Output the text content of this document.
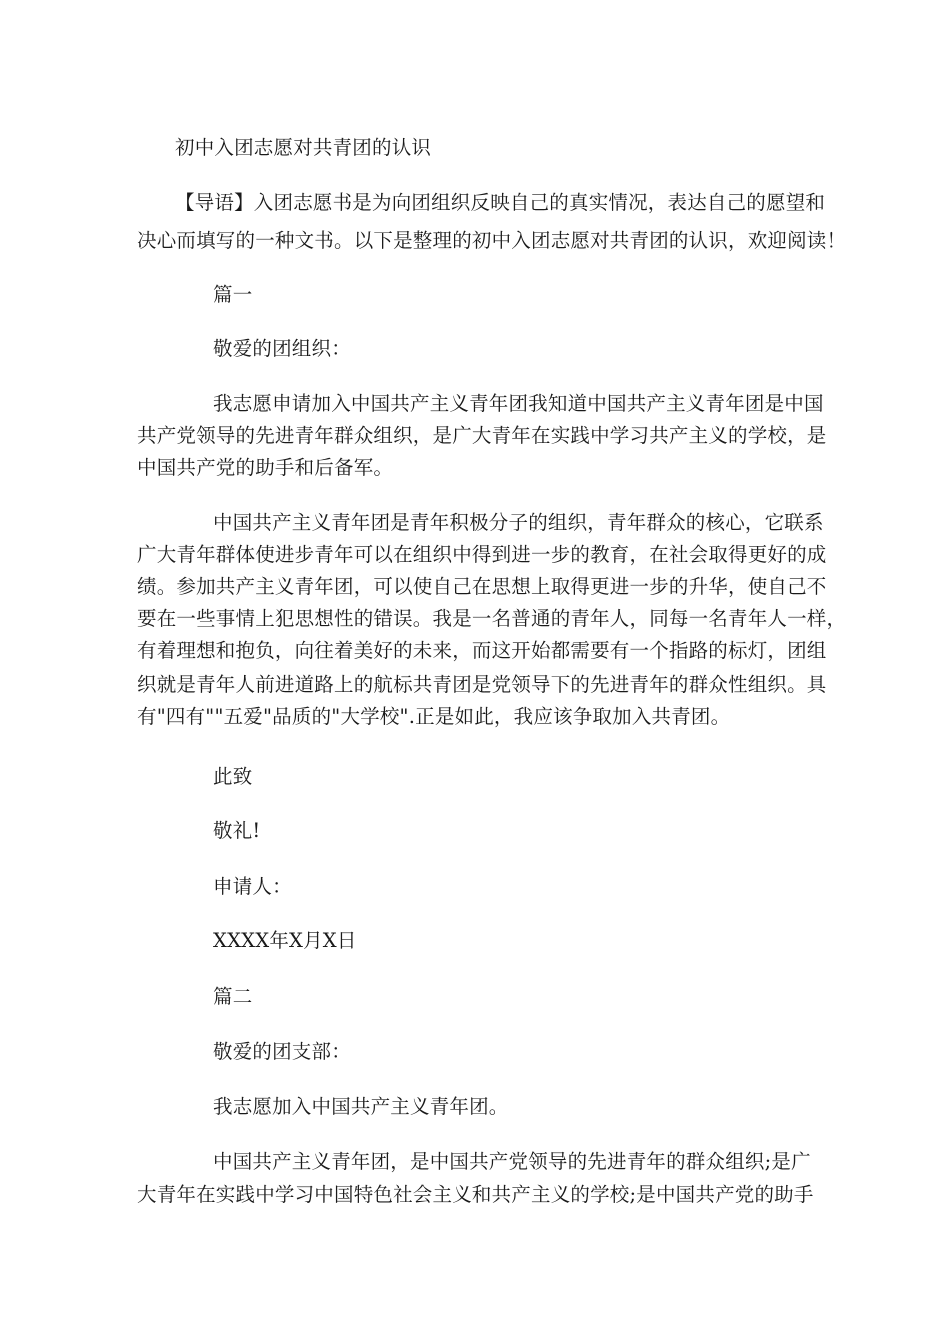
初中入团志愿对共青团的认识
【导语】入团志愿书是为向团组织反映自己的真实情况，表达自己的愿望和
决心而填写的一种文书。以下是整理的初中入团志愿对共青团的认识，欢迎阅读！
篇一
敬爱的团组织：
我志愿申请加入中国共产主义青年团我知道中国共产主义青年团是中国
共产党领导的先进青年群众组织，是广大青年在实践中学习共产主义的学校，是
中国共产党的助手和后备军。
中国共产主义青年团是青年积极分子的组织，青年群众的核心，它联系
广大青年群体使进步青年可以在组织中得到进一步的教育，在社会取得更好的成
绩。参加共产主义青年团，可以使自己在思想上取得更进一步的升华，使自己不
要在一些事情上犯思想性的错误。我是一名普通的青年人，同每一名青年人一样，
有着理想和抱负，向往着美好的未来，而这开始都需要有一个指路的标灯，团组
织就是青年人前进道路上的航标共青团是党领导下的先进青年的群众性组织。具
有"四有""五爱"品质的"大学校".正是如此，我应该争取加入共青团。
此致
敬礼!
申请人：
XXXX年X月X日
篇二
敬爱的团支部：
我志愿加入中国共产主义青年团。
中国共产主义青年团，是中国共产党领导的先进青年的群众组织;是广
大青年在实践中学习中国特色社会主义和共产主义的学校;是中国共产党的助手
